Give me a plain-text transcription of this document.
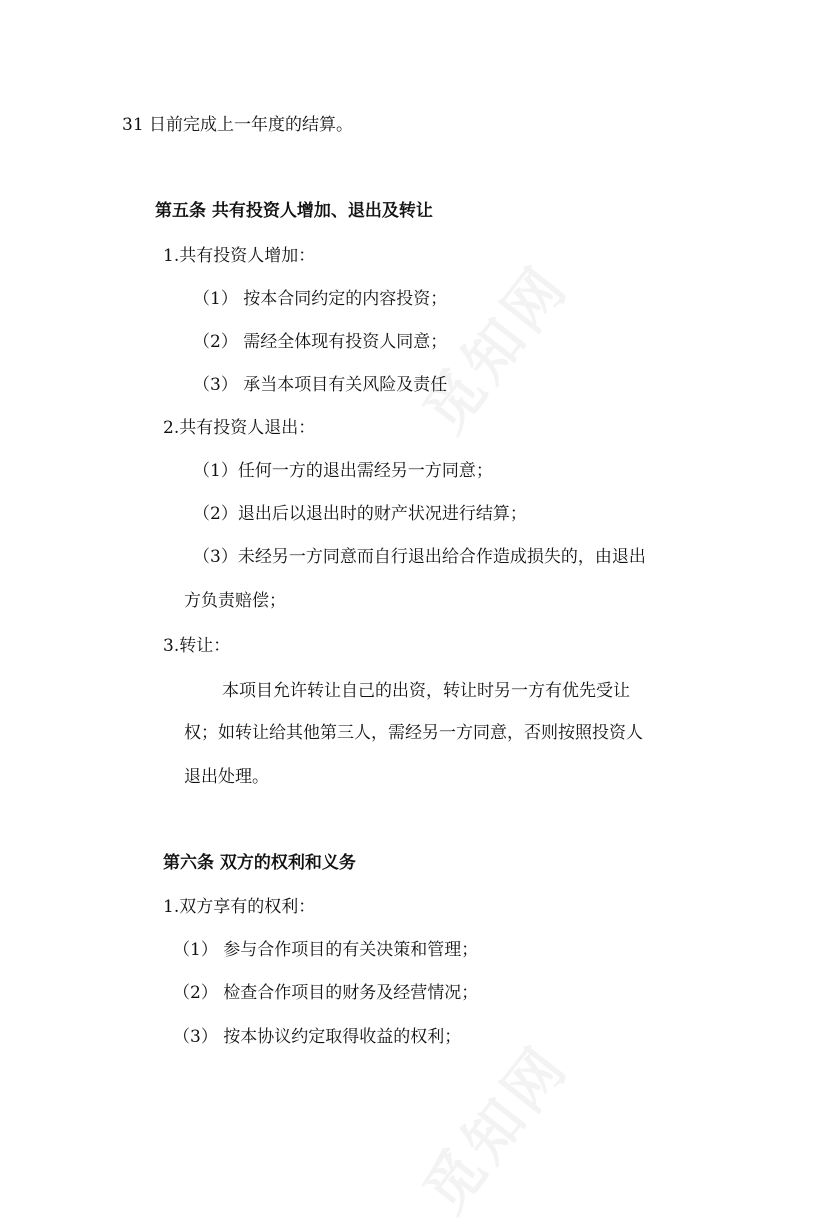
31 日前完成上一年度的结算。
第五条 共有投资人增加、退出及转让
1.共有投资人增加：
（1） 按本合同约定的内容投资；
（2） 需经全体现有投资人同意；
（3） 承当本项目有关风险及责任
2.共有投资人退出：
（1）任何一方的退出需经另一方同意；
（2）退出后以退出时的财产状况进行结算；
（3）未经另一方同意而自行退出给合作造成损失的，由退出
方负责赔偿；
3.转让：
本项目允许转让自己的出资，转让时另一方有优先受让
权；如转让给其他第三人，需经另一方同意，否则按照投资人
退出处理。
第六条 双方的权利和义务
1.双方享有的权利：
（1） 参与合作项目的有关决策和管理；
（2） 检查合作项目的财务及经营情况；
（3） 按本协议约定取得收益的权利；
